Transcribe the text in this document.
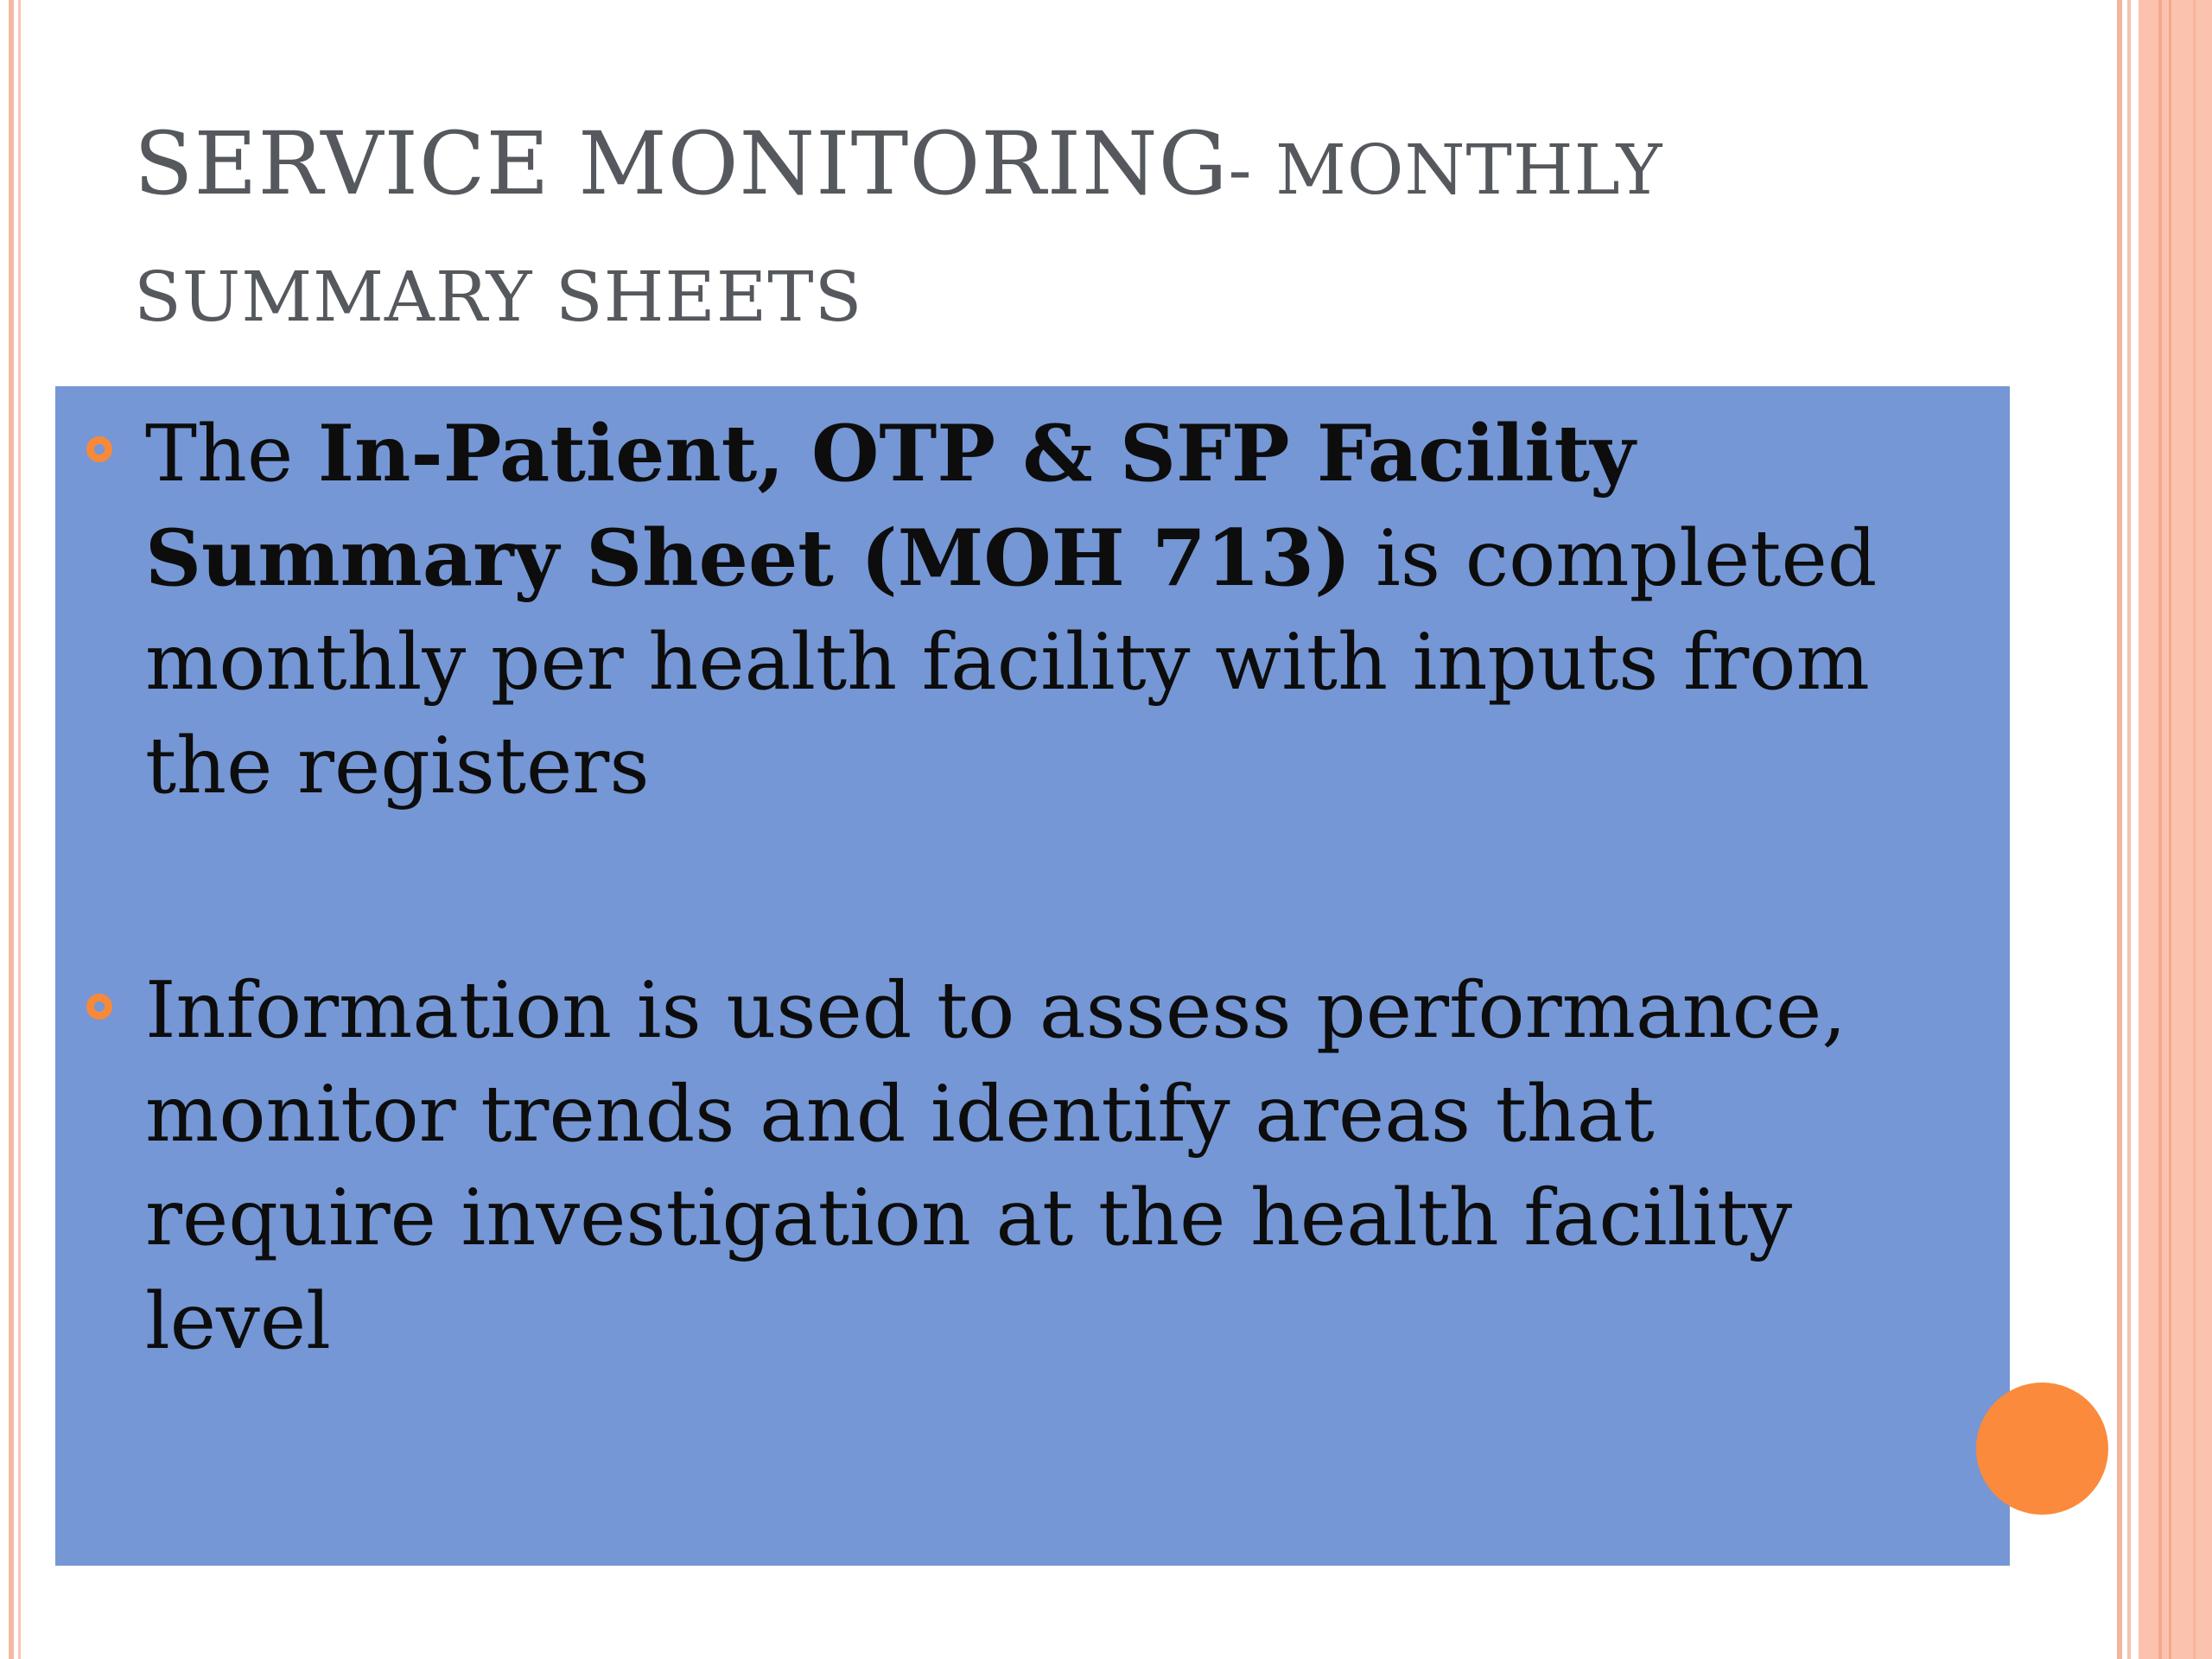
SERVICE MONITORING- MONTHLY
SUMMARY SHEETS
The In-Patient, OTP & SFP Facility Summary Sheet (MOH 713) is completed monthly per health facility with inputs from the registers
Information is used to assess performance, monitor trends and identify areas that require investigation at the health facility level
